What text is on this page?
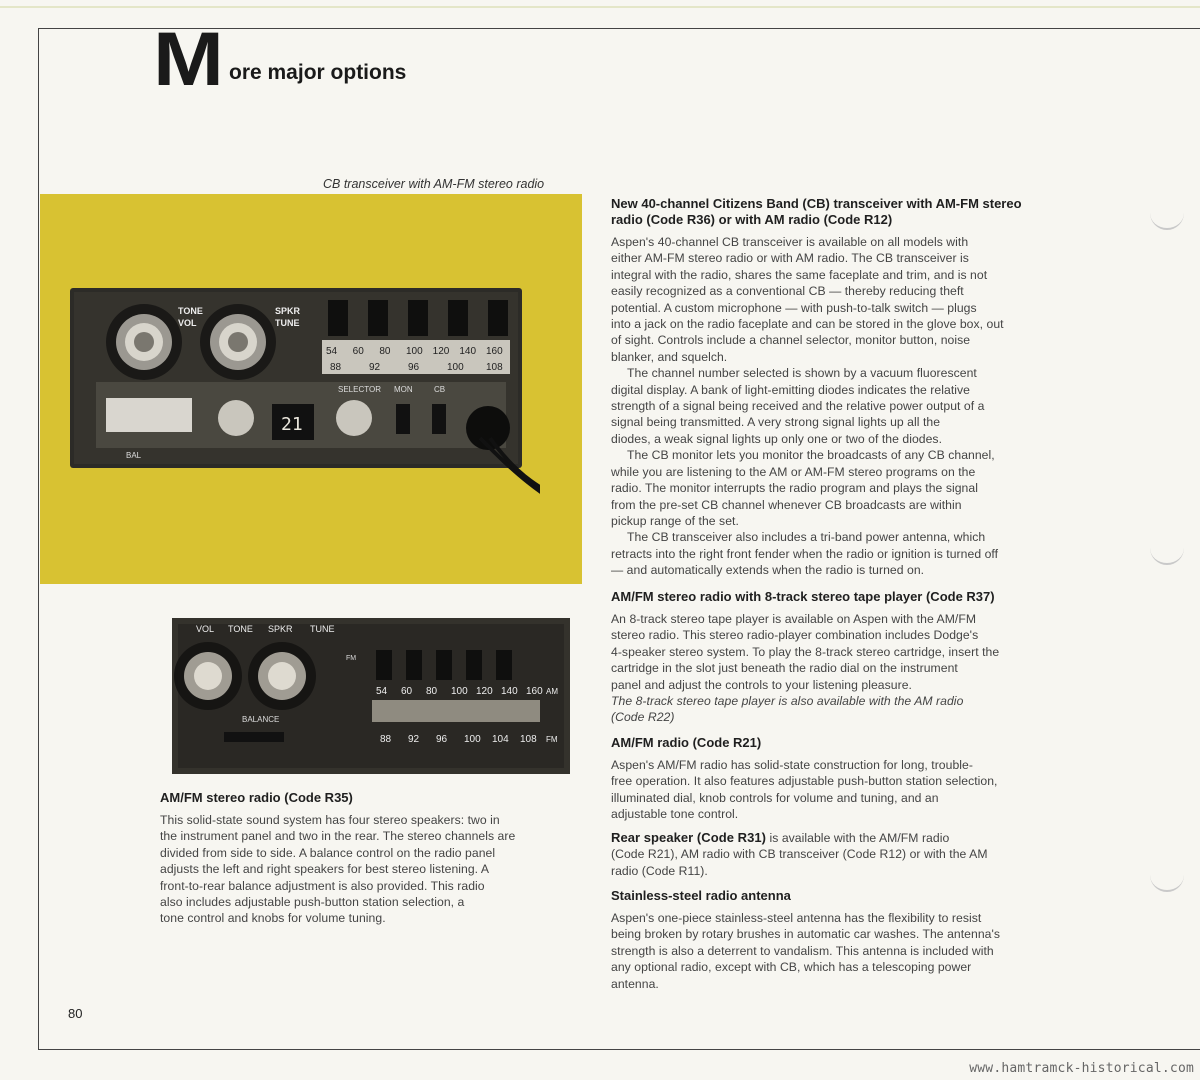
M ore major options
CB transceiver with AM-FM stereo radio
TONE
VOL
SPKR
TUNE
54 60 80 100 120 140 160
88	92	96	100 108
BAL
21
SELECTOR MON	CB
VOL TONE SPKR TUNE
BALANCE
FM
54 60 80 100 120 140 160 AM
88 92 96 100 104 108 FM

AM/FM stereo radio (Code R35)

This solid-state sound system has four stereo speakers: two in

the instrument panel and two in the rear. The stereo channels are

divided from side to side. A balance control on the radio panel

adjusts the left and right speakers for best stereo listening. A

front-to-rear balance adjustment is also provided. This radio

also includes adjustable push-button station selection, a

tone control and knobs for volume tuning.

New 40-channel Citizens Band (CB) transceiver with AM-FM stereo

radio (Code R36) or with AM radio (Code R12)

Aspen's 40-channel CB transceiver is available on all models with

either AM-FM stereo radio or with AM radio. The CB transceiver is

integral with the radio, shares the same faceplate and trim, and is not

easily recognized as a conventional CB — thereby reducing theft

potential. A custom microphone — with push-to-talk switch — plugs

into a jack on the radio faceplate and can be stored in the glove box, out

of sight. Controls include a channel selector, monitor button, noise

blanker, and squelch.

The channel number selected is shown by a vacuum fluorescent

digital display. A bank of light-emitting diodes indicates the relative

strength of a signal being received and the relative power output of a

signal being transmitted. A very strong signal lights up all the

diodes, a weak signal lights up only one or two of the diodes.

The CB monitor lets you monitor the broadcasts of any CB channel,

while you are listening to the AM or AM-FM stereo programs on the

radio. The monitor interrupts the radio program and plays the signal

from the pre-set CB channel whenever CB broadcasts are within

pickup range of the set.

The CB transceiver also includes a tri-band power antenna, which

retracts into the right front fender when the radio or ignition is turned off

— and automatically extends when the radio is turned on.

AM/FM stereo radio with 8-track stereo tape player (Code R37)

An 8-track stereo tape player is available on Aspen with the AM/FM

stereo radio. This stereo radio-player combination includes Dodge's

4-speaker stereo system. To play the 8-track stereo cartridge, insert the

cartridge in the slot just beneath the radio dial on the instrument

panel and adjust the controls to your listening pleasure.

The 8-track stereo tape player is also available with the AM radio

(Code R22)

AM/FM radio (Code R21)

Aspen's AM/FM radio has solid-state construction for long, trouble-

free operation. It also features adjustable push-button station selection,

illuminated dial, knob controls for volume and tuning, and an

adjustable tone control.

Rear speaker (Code R31) is available with the AM/FM radio

(Code R21), AM radio with CB transceiver (Code R12) or with the AM

radio (Code R11).

Stainless-steel radio antenna

Aspen's one-piece stainless-steel antenna has the flexibility to resist

being broken by rotary brushes in automatic car washes. The antenna's

strength is also a deterrent to vandalism. This antenna is included with

any optional radio, except with CB, which has a telescoping power

antenna.

80
www.hamtramck-historical.com
